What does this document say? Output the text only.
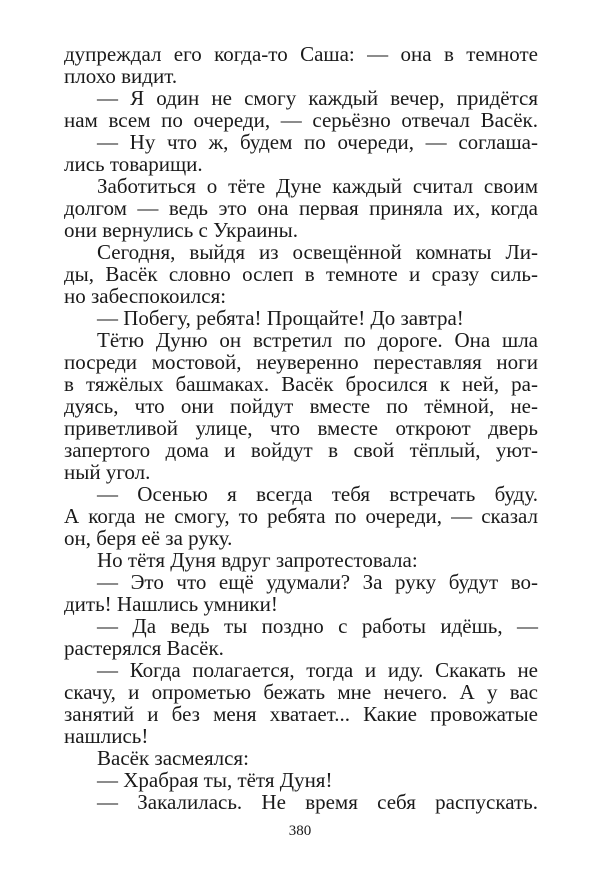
дупреждал его когда-то Саша: — она в темноте
плохо видит.
— Я один не смогу каждый вечер, придётся
нам всем по очереди, — серьёзно отвечал Васёк.
— Ну что ж, будем по очереди, — соглаша-
лись товарищи.
Заботиться о тёте Дуне каждый считал своим
долгом — ведь это она первая приняла их, когда
они вернулись с Украины.
Сегодня, выйдя из освещённой комнаты Ли-
ды, Васёк словно ослеп в темноте и сразу силь-
но забеспокоился:
— Побегу, ребята! Прощайте! До завтра!
Тётю Дуню он встретил по дороге. Она шла
посреди мостовой, неуверенно переставляя ноги
в тяжёлых башмаках. Васёк бросился к ней, ра-
дуясь, что они пойдут вместе по тёмной, не-
приветливой улице, что вместе откроют дверь
запертого дома и войдут в свой тёплый, уют-
ный угол.
— Осенью я всегда тебя встречать буду.
А когда не смогу, то ребята по очереди, — сказал
он, беря её за руку.
Но тётя Дуня вдруг запротестовала:
— Это что ещё удумали? За руку будут во-
дить! Нашлись умники!
— Да ведь ты поздно с работы идёшь, —
растерялся Васёк.
— Когда полагается, тогда и иду. Скакать не
скачу, и опрометью бежать мне нечего. А у вас
занятий и без меня хватает... Какие провожатые
нашлись!
Васёк засмеялся:
— Храбрая ты, тётя Дуня!
— Закалилась. Не время себя распускать.
380
